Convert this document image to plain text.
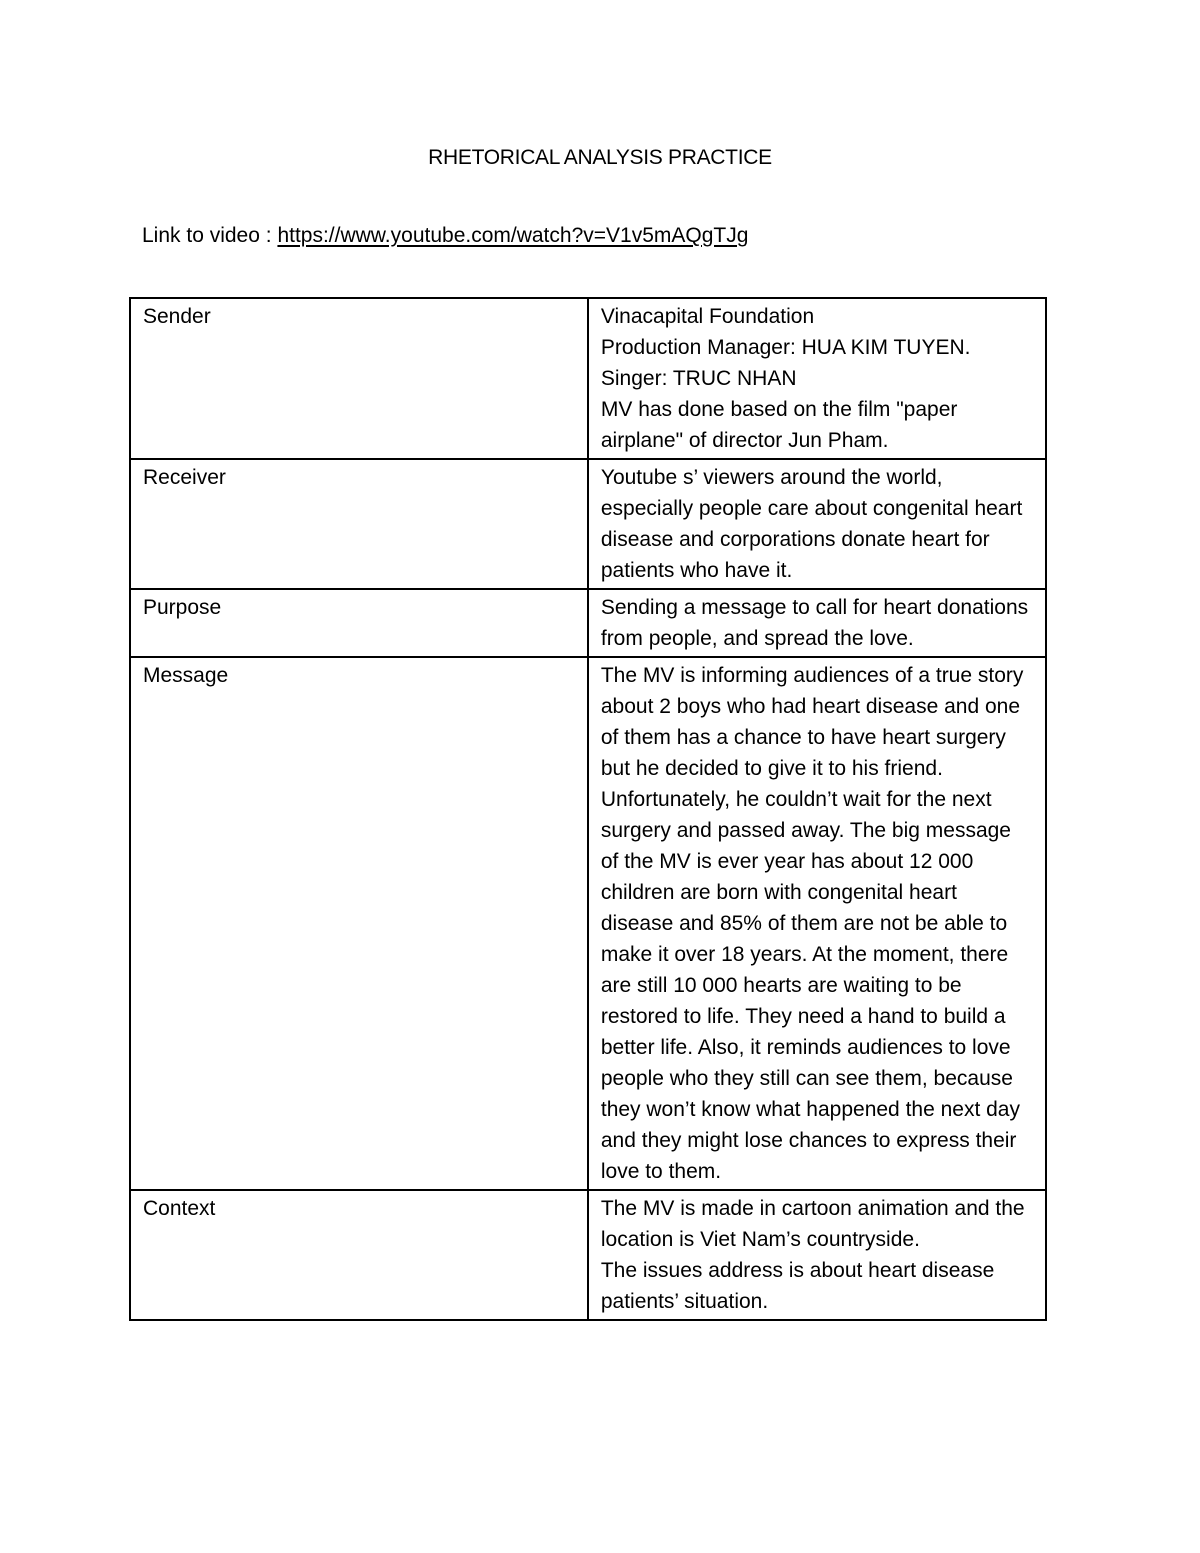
RHETORICAL ANALYSIS PRACTICE
Link to video : https://www.youtube.com/watch?v=V1v5mAQgTJg
Sender	Vinacapital Foundation
Production Manager: HUA KIM TUYEN.
Singer: TRUC NHAN
MV has done based on the film "paper airplane" of director Jun Pham.
Receiver	Youtube s’ viewers around the world, especially people care about congenital heart disease and corporations donate heart for patients who have it.
Purpose	Sending a message to call for heart donations from people, and spread the love.
Message	The MV is informing audiences of a true story about 2 boys who had heart disease and one of them has a chance to have heart surgery but he decided to give it to his friend. Unfortunately, he couldn’t wait for the next surgery and passed away. The big message of the MV is ever year has about 12 000 children are born with congenital heart disease and 85% of them are not be able to make it over 18 years. At the moment, there are still 10 000 hearts are waiting to be restored to life. They need a hand to build a better life. Also, it reminds audiences to love people who they still can see them, because they won’t know what happened the next day and they might lose chances to express their love to them.
Context	The MV is made in cartoon animation and the location is Viet Nam’s countryside.
The issues address is about heart disease patients’ situation.
